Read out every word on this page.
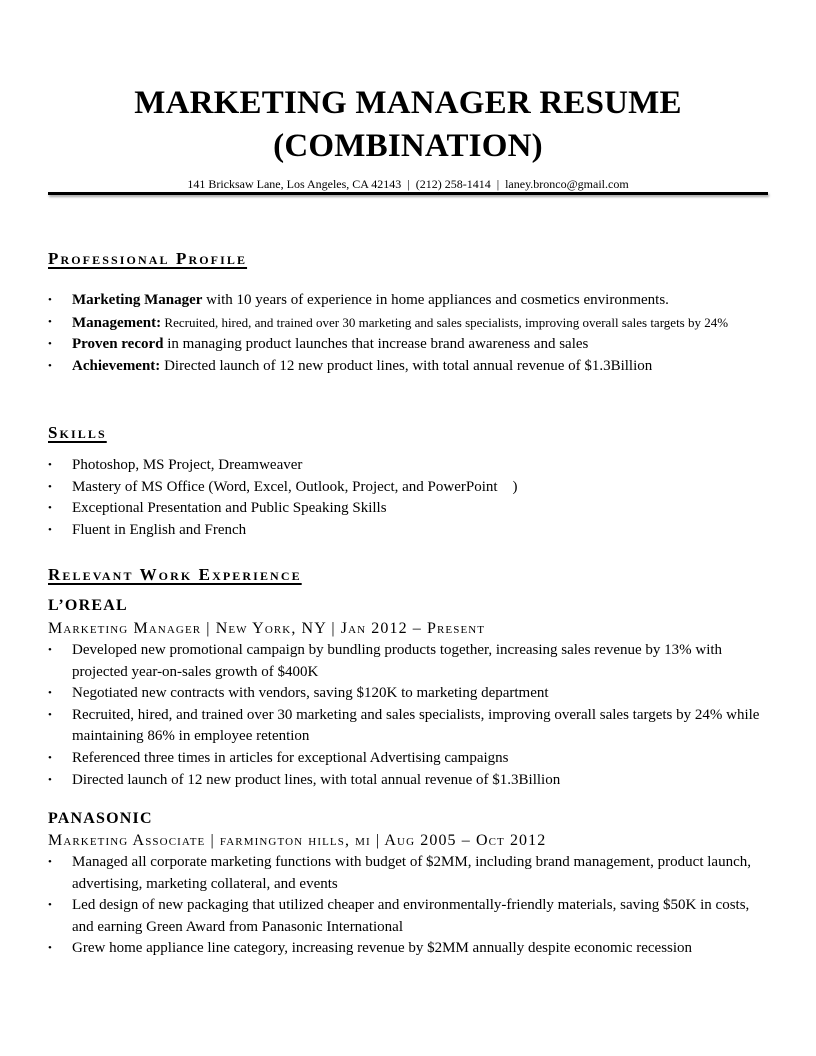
MARKETING MANAGER RESUME
(COMBINATION)
141 Bricksaw Lane, Los Angeles, CA 42143  |  (212) 258-1414  |  laney.bronco@gmail.com
Professional Profile
• Marketing Manager with 10 years of experience in home appliances and cosmetics environments.
• Management: Recruited, hired, and trained over 30 marketing and sales specialists, improving overall sales targets by 24%
• Proven record in managing product launches that increase brand awareness and sales
• Achievement: Directed launch of 12 new product lines, with total annual revenue of $1.3Billion
Skills
• Photoshop, MS Project, Dreamweaver
• Mastery of MS Office (Word, Excel, Outlook, Project, and PowerPoint    )
• Exceptional Presentation and Public Speaking Skills
• Fluent in English and French
Relevant Work Experience
L’OREAL
Marketing Manager | New York, NY | Jan 2012 – Present
• Developed new promotional campaign by bundling products together, increasing sales revenue by 13% with projected year-on-sales growth of $400K
• Negotiated new contracts with vendors, saving $120K to marketing department
• Recruited, hired, and trained over 30 marketing and sales specialists, improving overall sales targets by 24% while maintaining 86% in employee retention
• Referenced three times in articles for exceptional Advertising campaigns
• Directed launch of 12 new product lines, with total annual revenue of $1.3Billion
PANASONIC
Marketing Associate | farmington hills, mi | Aug 2005 – Oct 2012
• Managed all corporate marketing functions with budget of $2MM, including brand management, product launch, advertising, marketing collateral, and events
• Led design of new packaging that utilized cheaper and environmentally-friendly materials, saving $50K in costs, and earning Green Award from Panasonic International
• Grew home appliance line category, increasing revenue by $2MM annually despite economic recession
